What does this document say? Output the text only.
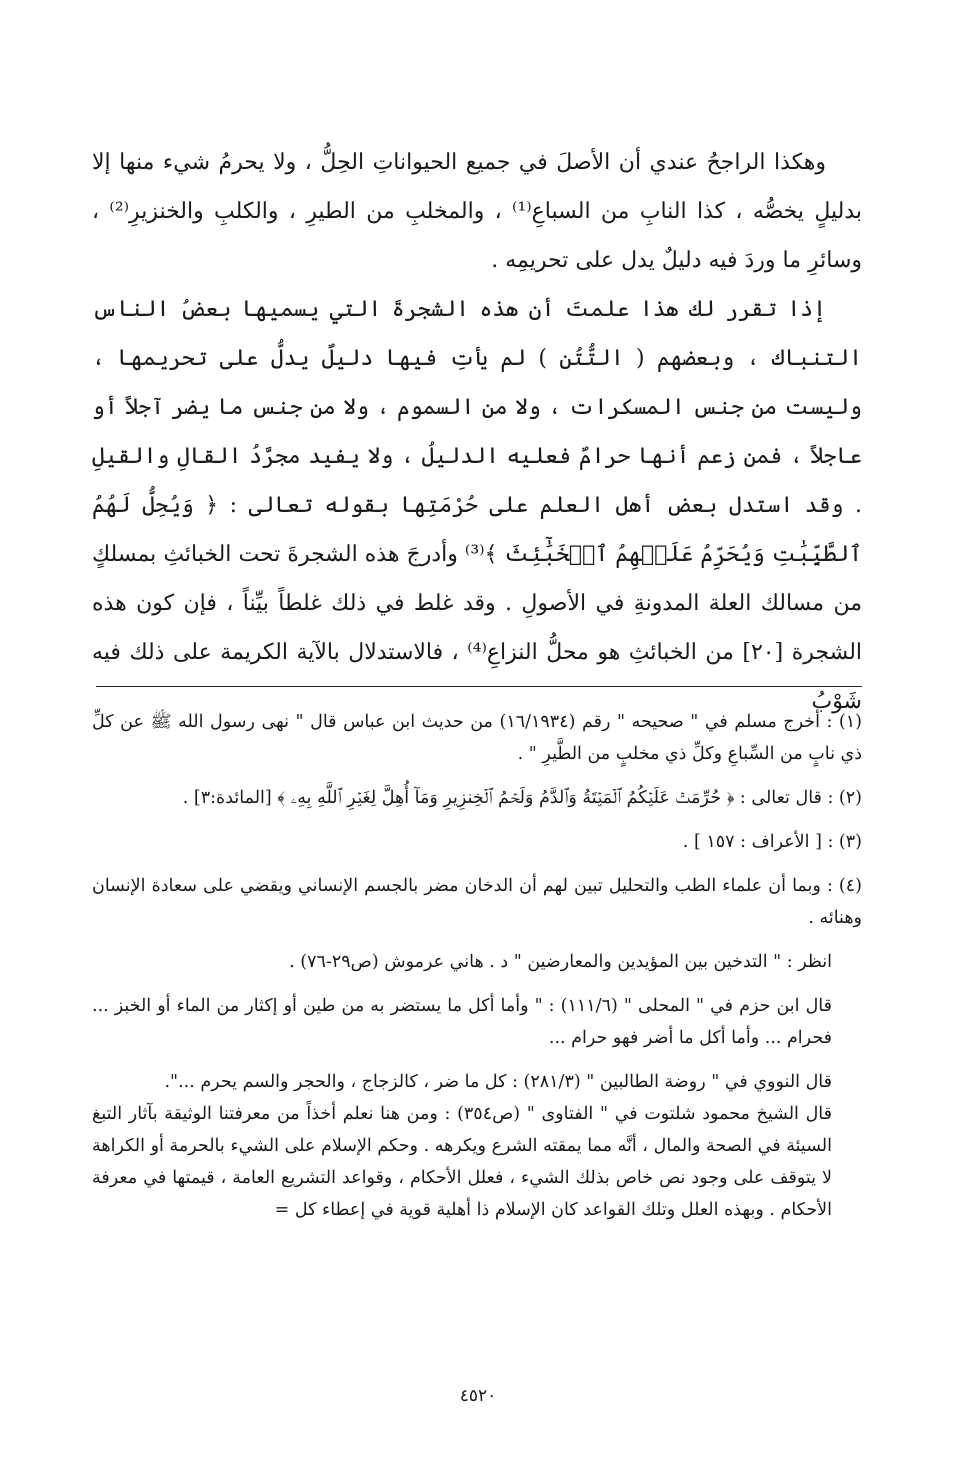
وهكذا الراجحُ عندي أن الأصلَ في جميع الحيواناتِ الحِلُّ ، ولا يحرمُ شيء منها إلا بدليلٍ يخصُّه ، كذا النابِ من السباعِ⁽¹⁾ ، والمخلبِ من الطيرِ ، والكلبِ والخنزيرِ⁽²⁾ ، وسائرِ ما وردَ فيه دليلٌ يدل على تحريمِه .

إذا تقرر لك هذا علمتَ أن هذه الشجرةَ التي يسميها بعضُ الناس التنباك ، وبعضهم ( التُّتُن ) لم يأتِ فيها دليلٌ يدلُّ على تحريمها ، وليست من جنس المسكرات ، ولا من السموم ، ولا من جنس ما يضر آجلاً أو عاجلاً ، فمن زعم أنها حرامٌ فعليه الدليلُ ، ولا يفيد مجرَّدُ القالِ والقيلِ . وقد استدل بعض أهل العلم على حُرْمَتِها بقوله تعالى : ﴿ وَيُحِلُّ لَهُمُ ٱلطَّيِّبَٰتِ وَيُحَرِّمُ عَلَيۡهِمُ ٱلۡخَبَٰٓئِثَ ﴾⁽³⁾ وأدرجَ هذه الشجرةَ تحت الخبائثِ بمسلكٍ من مسالك العلة المدونةِ في الأصولِ . وقد غلط في ذلك غلطاً بيِّناً ، فإن كون هذه الشجرة [٢٠] من الخبائثِ هو محلُّ النزاعِ⁽⁴⁾ ، فالاستدلال بالآية الكريمة على ذلك فيه شَوْبُ

(١) : أخرج مسلم في " صحيحه " رقم (١٦/١٩٣٤) من حديث ابن عباس قال " نهى رسول الله ﷺ عن كلِّ ذي نابٍ من السِّباعِ وكلِّ ذي مخلبٍ من الطَّيرِ " .

(٢) : قال تعالى : ﴿ حُرِّمَتۡ عَلَيۡكُمُ ٱلۡمَيۡتَةُ وَٱلدَّمُ وَلَحۡمُ ٱلۡخِنزِيرِ وَمَآ أُهِلَّ لِغَيۡرِ ٱللَّهِ بِهِۦ ﴾ [المائدة:٣] .

(٣) : [ الأعراف : ١٥٧ ] .

(٤) : وبما أن علماء الطب والتحليل تبين لهم أن الدخان مضر بالجسم الإنساني ويقضي على سعادة الإنسان وهنائه .

انظر : " التدخين بين المؤيدين والمعارضين " د . هاني عرموش (ص٢٩-٧٦) .

قال ابن حزم في " المحلى " (١١١/٦) : " وأما أكل ما يستضر به من طين أو إكثار من الماء أو الخبز ... فحرام ... وأما أكل ما أضر فهو حرام ...

قال النووي في " روضة الطالبين " (٢٨١/٣) : كل ما ضر ، كالزجاج ، والحجر والسم يحرم ...".

قال الشيخ محمود شلتوت في " الفتاوى " (ص٣٥٤) : ومن هنا نعلم أخذاً من معرفتنا الوثيقة بآثار التبغ السيئة في الصحة والمال ، أنَّه مما يمقته الشرع ويكرهه . وحكم الإسلام على الشيء بالحرمة أو الكراهة لا يتوقف على وجود نص خاص بذلك الشيء ، فعلل الأحكام ، وقواعد التشريع العامة ، قيمتها في معرفة الأحكام . وبهذه العلل وتلك القواعد كان الإسلام ذا أهلية قوية في إعطاء كل =

٤٥٢٠
